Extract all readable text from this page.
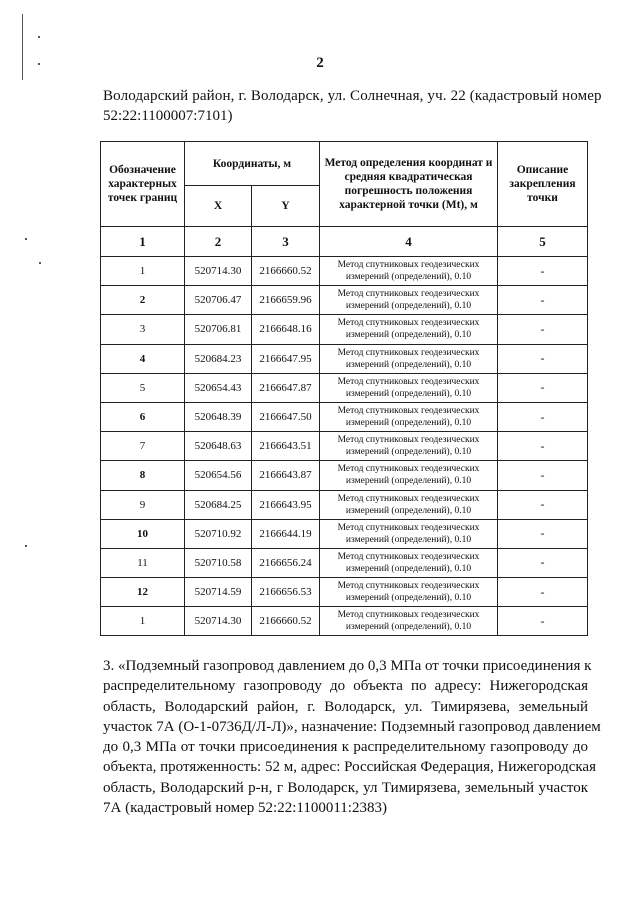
2
Володарский район, г. Володарск, ул. Солнечная, уч. 22 (кадастровый номер
52:22:1100007:7101)
Обозначение характерных точек границ	Координаты, м		Метод определения координат и средняя квадратическая погрешность положения характерной точки (Mt), м	Описание закрепления точки
	X	Y		
1	2	3	4	5
1	520714.30	2166660.52	Метод спутниковых геодезических
измерений (определений), 0.10	-
2	520706.47	2166659.96	Метод спутниковых геодезических
измерений (определений), 0.10	-
3	520706.81	2166648.16	Метод спутниковых геодезических
измерений (определений), 0.10	-
4	520684.23	2166647.95	Метод спутниковых геодезических
измерений (определений), 0.10	-
5	520654.43	2166647.87	Метод спутниковых геодезических
измерений (определений), 0.10	-
6	520648.39	2166647.50	Метод спутниковых геодезических
измерений (определений), 0.10	-
7	520648.63	2166643.51	Метод спутниковых геодезических
измерений (определений), 0.10	-
8	520654.56	2166643.87	Метод спутниковых геодезических
измерений (определений), 0.10	-
9	520684.25	2166643.95	Метод спутниковых геодезических
измерений (определений), 0.10	-
10	520710.92	2166644.19	Метод спутниковых геодезических
измерений (определений), 0.10	-
11	520710.58	2166656.24	Метод спутниковых геодезических
измерений (определений), 0.10	-
12	520714.59	2166656.53	Метод спутниковых геодезических
измерений (определений), 0.10	-
1	520714.30	2166660.52	Метод спутниковых геодезических
измерений (определений), 0.10	-
3. «Подземный газопровод давлением до 0,3 МПа от точки присоединения к
распределительному газопроводу до объекта по адресу: Нижегородская
область, Володарский район, г. Володарск, ул. Тимирязева, земельный
участок 7А (О-1-0736Д/Л-Л)», назначение: Подземный газопровод давлением
до 0,3 МПа от точки присоединения к распределительному газопроводу до
объекта, протяженность: 52 м, адрес: Российская Федерация, Нижегородская
область, Володарский р-н, г Володарск, ул Тимирязева, земельный участок
7А (кадастровый номер 52:22:1100011:2383)
